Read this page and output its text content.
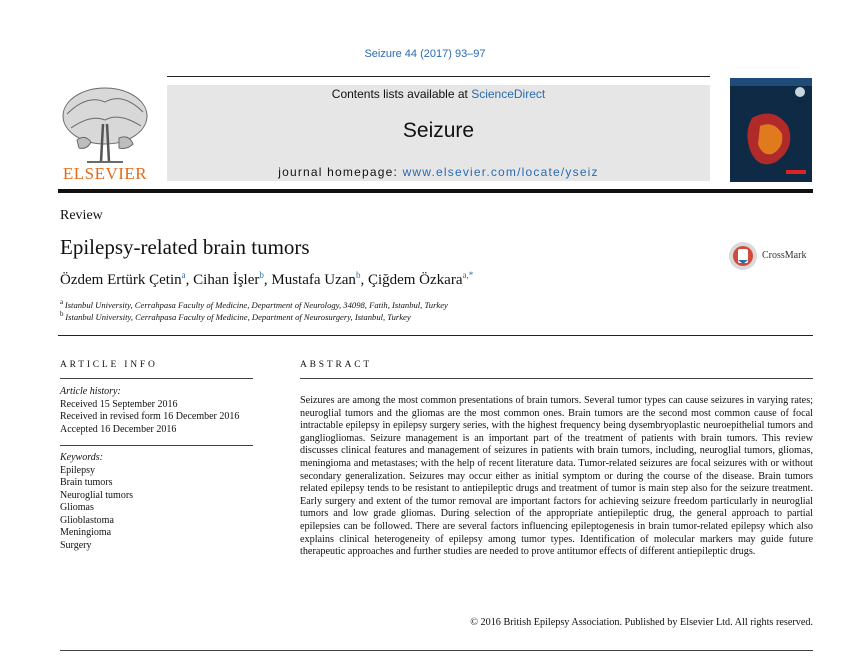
Seizure 44 (2017) 93–97
ELSEVIER
Contents lists available at ScienceDirect
Seizure
journal homepage: www.elsevier.com/locate/yseiz
Review
Epilepsy-related brain tumors	CrossMark
Özdem Ertürk Çetin$^a$, Cihan İşler$^b$, Mustafa Uzan$^b$, Çiğdem Özkara$^{a,*}$
$^a$  Istanbul University, Cerrahpasa Faculty of Medicine, Department of Neurology, 34098, Fatih, Istanbul, Turkey
$^b$  Istanbul University, Cerrahpasa Faculty of Medicine, Department of Neurosurgery, Istanbul, Turkey
ARTICLE INFO
Article history:
Received 15 September 2016
Received in revised form 16 December 2016
Accepted 16 December 2016
Keywords:
Epilepsy
Brain tumors
Neuroglial tumors
Gliomas
Glioblastoma
Meningioma
Surgery
ABSTRACT
Seizures are among the most common presentations of brain tumors. Several tumor types can cause seizures in varying rates; neuroglial tumors and the gliomas are the most common ones. Brain tumors are the second most common cause of focal intractable epilepsy in epilepsy surgery series, with the highest frequency being dysembryoplastic neuroepithelial tumors and gangliogliomas. Seizure management is an important part of the treatment of patients with brain tumors. This review discusses clinical features and management of seizures in patients with brain tumors, including, neuroglial tumors, gliomas, meningioma and metastases; with the help of recent literature data. Tumor-related seizures are focal seizures with or without secondary generalization. Seizures may occur either as initial symptom or during the course of the disease. Brain tumors related epilepsy tends to be resistant to antiepileptic drugs and treatment of tumor is main step also for the seizure treatment. Early surgery and extent of the tumor removal are important factors for achieving seizure freedom particularly in neuroglial tumors and low grade gliomas. During selection of the appropriate antiepileptic drug, the general approach to partial epilepsies can be followed. There are several factors influencing epileptogenesis in brain tumor-related epilepsy which also explains clinical heterogeneity of epilepsy among tumor types. Identification of molecular markers may guide future therapeutic approaches and further studies are needed to prove antitumor effects of different antiepileptic drugs.
© 2016 British Epilepsy Association. Published by Elsevier Ltd. All rights reserved.
